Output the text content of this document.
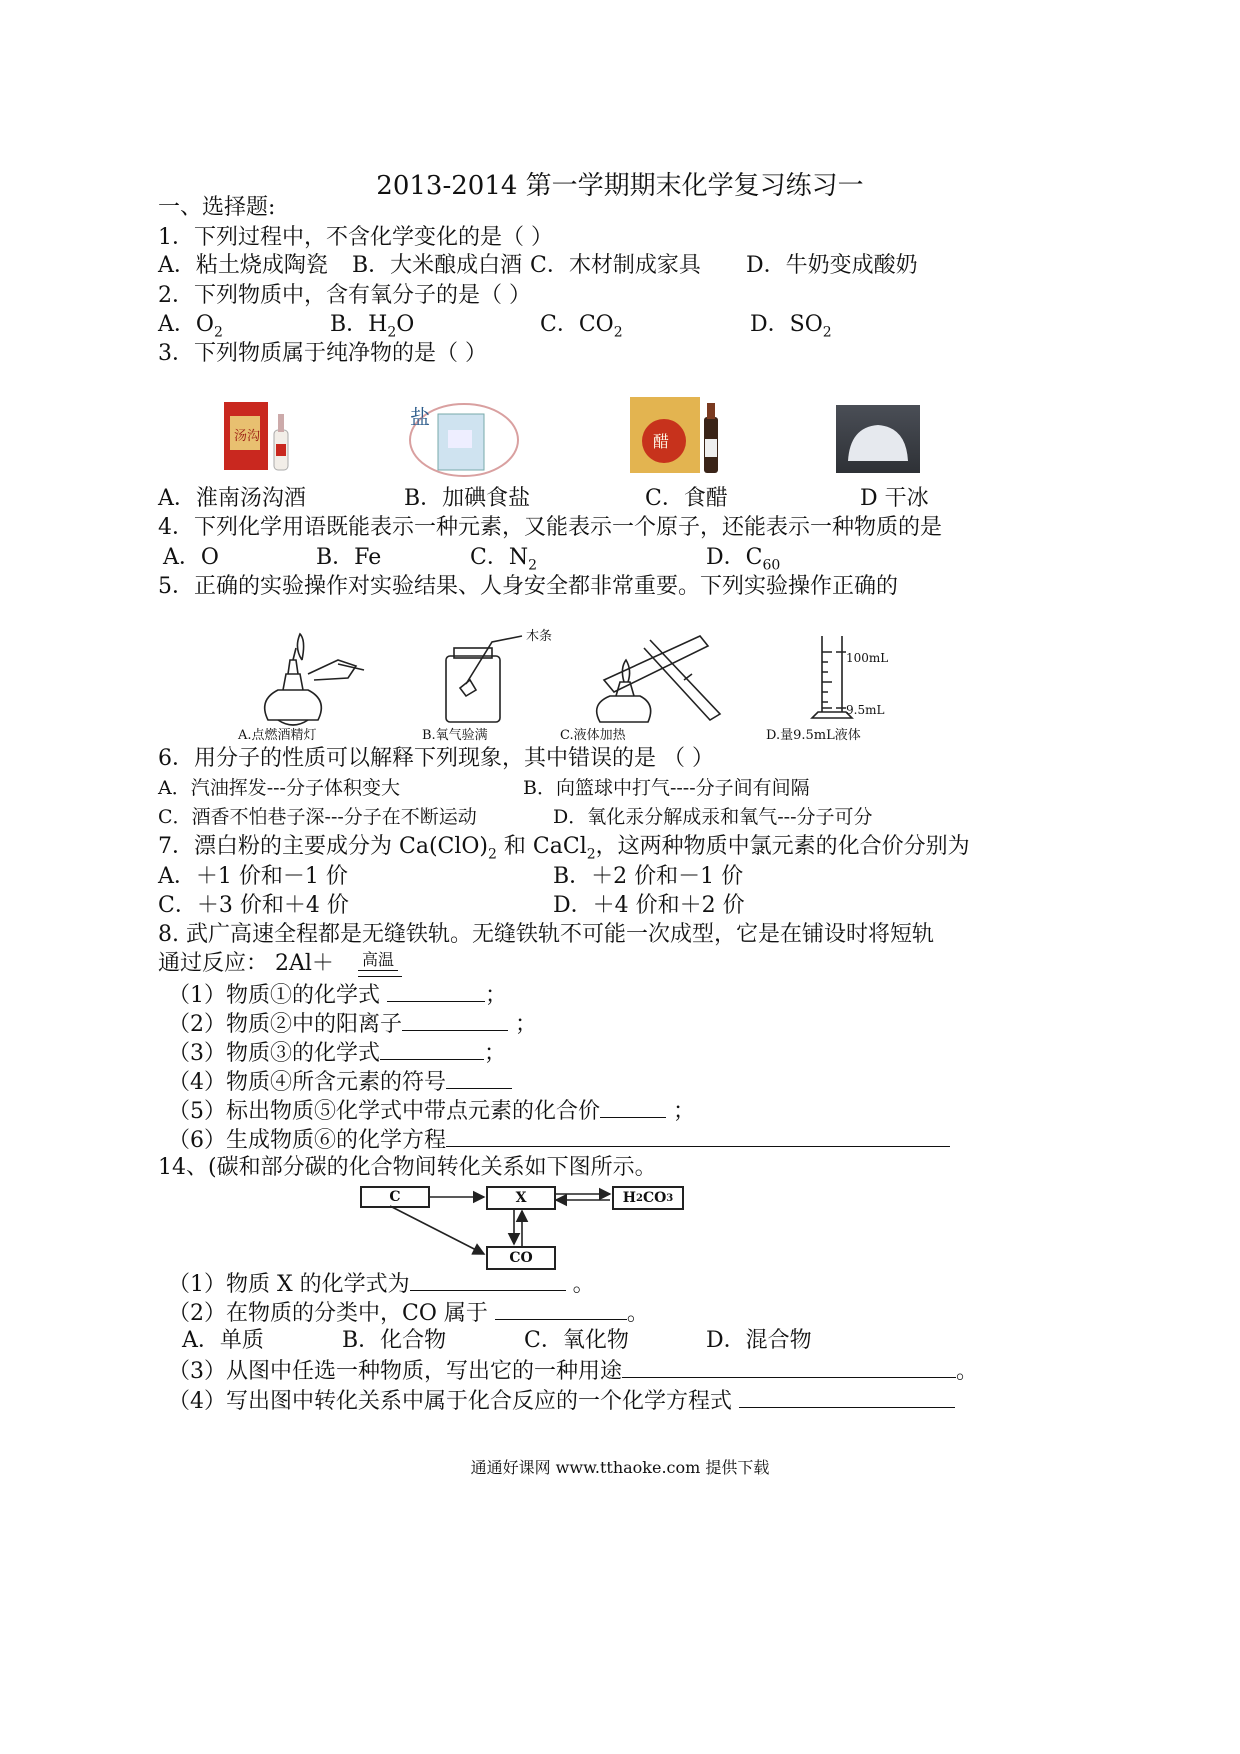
2013-2014 第一学期期末化学复习练习一
一、选择题:
1．下列过程中，不含化学变化的是（ ）
A．粘土烧成陶瓷 B．大米酿成白酒 C．木材制成家具 D．牛奶变成酸奶
2．下列物质中，含有氧分子的是（ ）
A．$O_2$	B．$H_2O$	C．$CO_2$	D．$SO_2$
3．下列物质属于纯净物的是（ ）
汤沟
盐
醋
A．淮南汤沟酒	B．加碘食盐	C．食醋	D 干冰
4．下列化学用语既能表示一种元素，又能表示一个原子，还能表示一种物质的是
A．O	B．Fe	C．$N_2$	D．$C_{60}$
5．正确的实验操作对实验结果、人身安全都非常重要。下列实验操作正确的
A.点燃酒精灯
木条
B.氧气验满	C.液体加热
100mL
9.5mL
D.量9.5mL液体
6．用分子的性质可以解释下列现象，其中错误的是 （ ）
A．汽油挥发---分子体积变大	B．向篮球中打气----分子间有间隔
C．酒香不怕巷子深---分子在不断运动	D．氧化汞分解成汞和氧气---分子可分
7．漂白粉的主要成分为 $Ca(ClO)_2$ 和 CaCl$_2$，这两种物质中氯元素的化合价分别为
A．＋1 价和－1 价	B．＋2 价和－1 价
C．＋3 价和＋4 价	D．＋4 价和＋2 价
8. 武广高速全程都是无缝铁轨。无缝铁轨不可能一次成型，它是在铺设时将短轨
通过反应： 2Al＋ 高温
（1）物质①的化学式	；
（2）物质②中的阳离子	；
（3）物质③的化学式	；
（4）物质④所含元素的符号
（5）标出物质⑤化学式中带点元素的化合价	；
（6）生成物质⑥的化学方程
14、(碳和部分碳的化合物间转化关系如下图所示。
C	X	H 2 CO 3
CO
（1）物质 X 的化学式为	。
（2）在物质的分类中，CO 属于	。
A．单质	B．化合物	C．氧化物	D．混合物
（3）从图中任选一种物质，写出它的一种用途	。
（4）写出图中转化关系中属于化合反应的一个化学方程式
通通好课网 www.tthaoke.com 提供下载
